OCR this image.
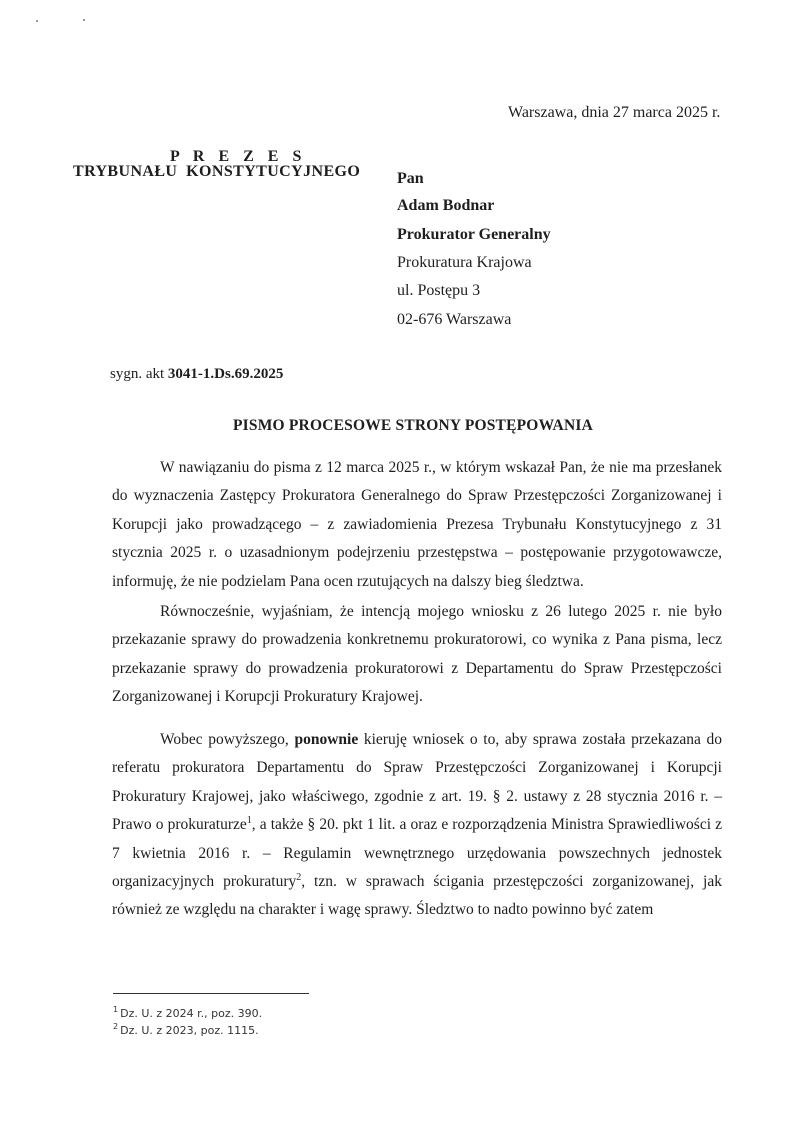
Warszawa, dnia 27 marca 2025 r.
P R E Z E S
TRYBUNAŁU  KONSTYTUCYJNEGO Pan
Adam Bodnar
Prokurator Generalny
Prokuratura Krajowa
ul. Postępu 3
02-676 Warszawa
sygn. akt 3041-1.Ds.69.2025
PISMO PROCESOWE STRONY POSTĘPOWANIA

W nawiązaniu do pisma z 12 marca 2025 r., w którym wskazał Pan, że nie ma przesłanek do wyznaczenia Zastępcy Prokuratora Generalnego do Spraw Przestępczości Zorganizowanej i Korupcji jako prowadzącego – z zawiadomienia Prezesa Trybunału Konstytucyjnego z 31 stycznia 2025 r. o uzasadnionym podejrzeniu przestępstwa – postępowanie przygotowawcze, informuję, że nie podzielam Pana ocen rzutujących na dalszy bieg śledztwa.

Równocześnie, wyjaśniam, że intencją mojego wniosku z 26 lutego 2025 r. nie było przekazanie sprawy do prowadzenia konkretnemu prokuratorowi, co wynika z Pana pisma, lecz przekazanie sprawy do prowadzenia prokuratorowi z Departamentu do Spraw Przestępczości Zorganizowanej i Korupcji Prokuratury Krajowej.

Wobec powyższego, ponownie kieruję wniosek o to, aby sprawa została przekazana do referatu prokuratora Departamentu do Spraw Przestępczości Zorganizowanej i Korupcji Prokuratury Krajowej, jako właściwego, zgodnie z art. 19. § 2. ustawy z 28 stycznia 2016 r. – Prawo o prokuraturze$^1$, a także § 20. pkt 1 lit. a oraz e rozporządzenia Ministra Sprawiedliwości z 7 kwietnia 2016 r. – Regulamin wewnętrznego urzędowania powszechnych jednostek organizacyjnych prokuratury$^2$, tzn. w sprawach ścigania przestępczości zorganizowanej, jak również ze względu na charakter i wagę sprawy. Śledztwo to nadto powinno być zatem

$^1$ Dz. U. z 2024 r., poz. 390.
$^2$ Dz. U. z 2023, poz. 1115.
